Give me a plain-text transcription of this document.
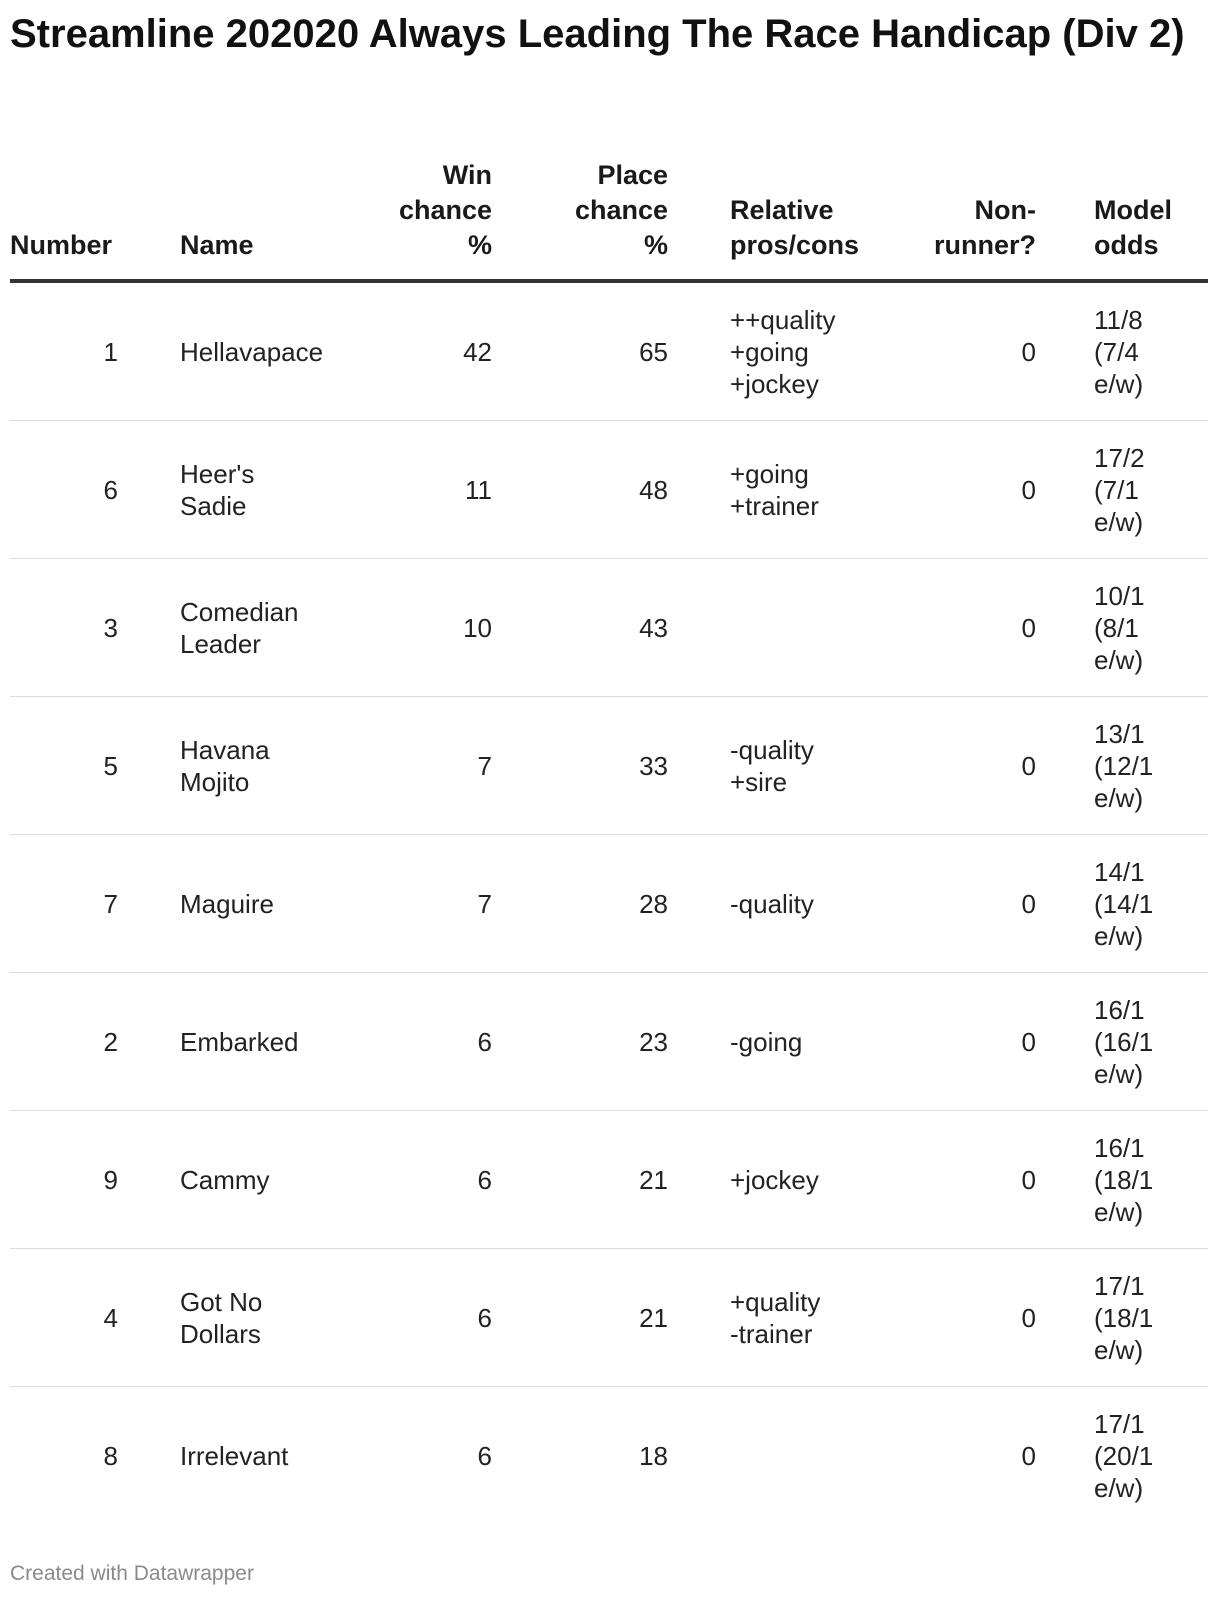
Streamline 202020 Always Leading The Race Handicap (Div 2)
Number	Name	Win
chance
%	Place
chance
%	Relative
pros/cons	Non-
runner?	Model
odds
1	Hellavapace	42	65	++quality
+going
+jockey	0	11/8
(7/4
e/w)
6	Heer's
Sadie	11	48	+going
+trainer	0	17/2
(7/1
e/w)
3	Comedian
Leader	10	43		0	10/1
(8/1
e/w)
5	Havana
Mojito	7	33	-quality
+sire	0	13/1
(12/1
e/w)
7	Maguire	7	28	-quality	0	14/1
(14/1
e/w)
2	Embarked	6	23	-going	0	16/1
(16/1
e/w)
9	Cammy	6	21	+jockey	0	16/1
(18/1
e/w)
4	Got No
Dollars	6	21	+quality
-trainer	0	17/1
(18/1
e/w)
8	Irrelevant	6	18		0	17/1
(20/1
e/w)
Created with Datawrapper
